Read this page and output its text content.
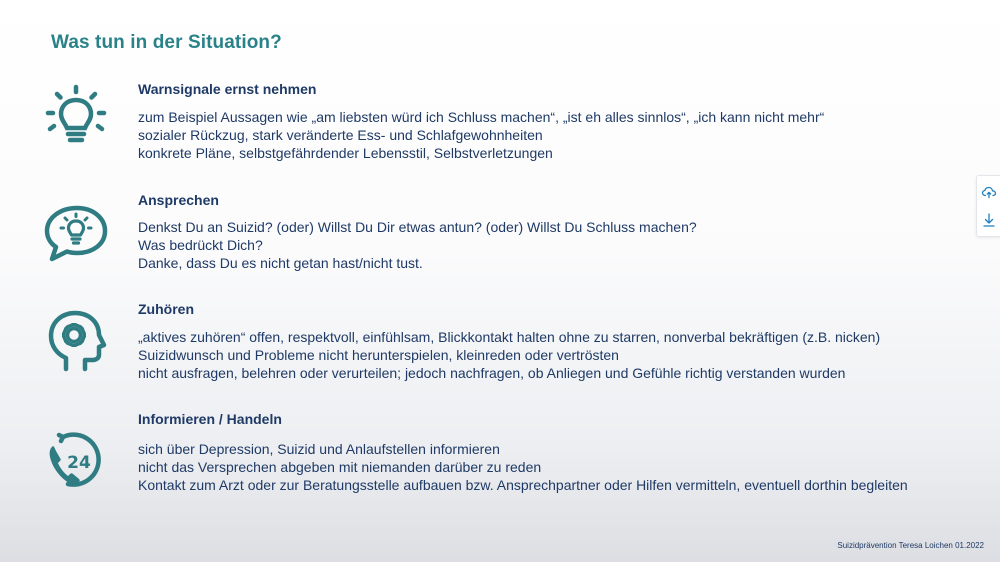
Was tun in der Situation?
Warnsignale ernst nehmen
zum Beispiel Aussagen wie „am liebsten würd ich Schluss machen“, „ist eh alles sinnlos“, „ich kann nicht mehr“
sozialer Rückzug, stark veränderte Ess- und Schlafgewohnheiten
konkrete Pläne, selbstgefährdender Lebensstil, Selbstverletzungen
Ansprechen
Denkst Du an Suizid? (oder) Willst Du Dir etwas antun? (oder) Willst Du Schluss machen?
Was bedrückt Dich?
Danke, dass Du es nicht getan hast/nicht tust.
Zuhören
„aktives zuhören“ offen, respektvoll, einfühlsam, Blickkontakt halten ohne zu starren, nonverbal bekräftigen (z.B. nicken)
Suizidwunsch und Probleme nicht herunterspielen, kleinreden oder vertrösten
nicht ausfragen, belehren oder verurteilen; jedoch nachfragen, ob Anliegen und Gefühle richtig verstanden wurden
24
Informieren / Handeln
sich über Depression, Suizid und Anlaufstellen informieren
nicht das Versprechen abgeben mit niemanden darüber zu reden
Kontakt zum Arzt oder zur Beratungsstelle aufbauen bzw. Ansprechpartner oder Hilfen vermitteln, eventuell dorthin begleiten
Suizidprävention Teresa Loichen 01.2022
